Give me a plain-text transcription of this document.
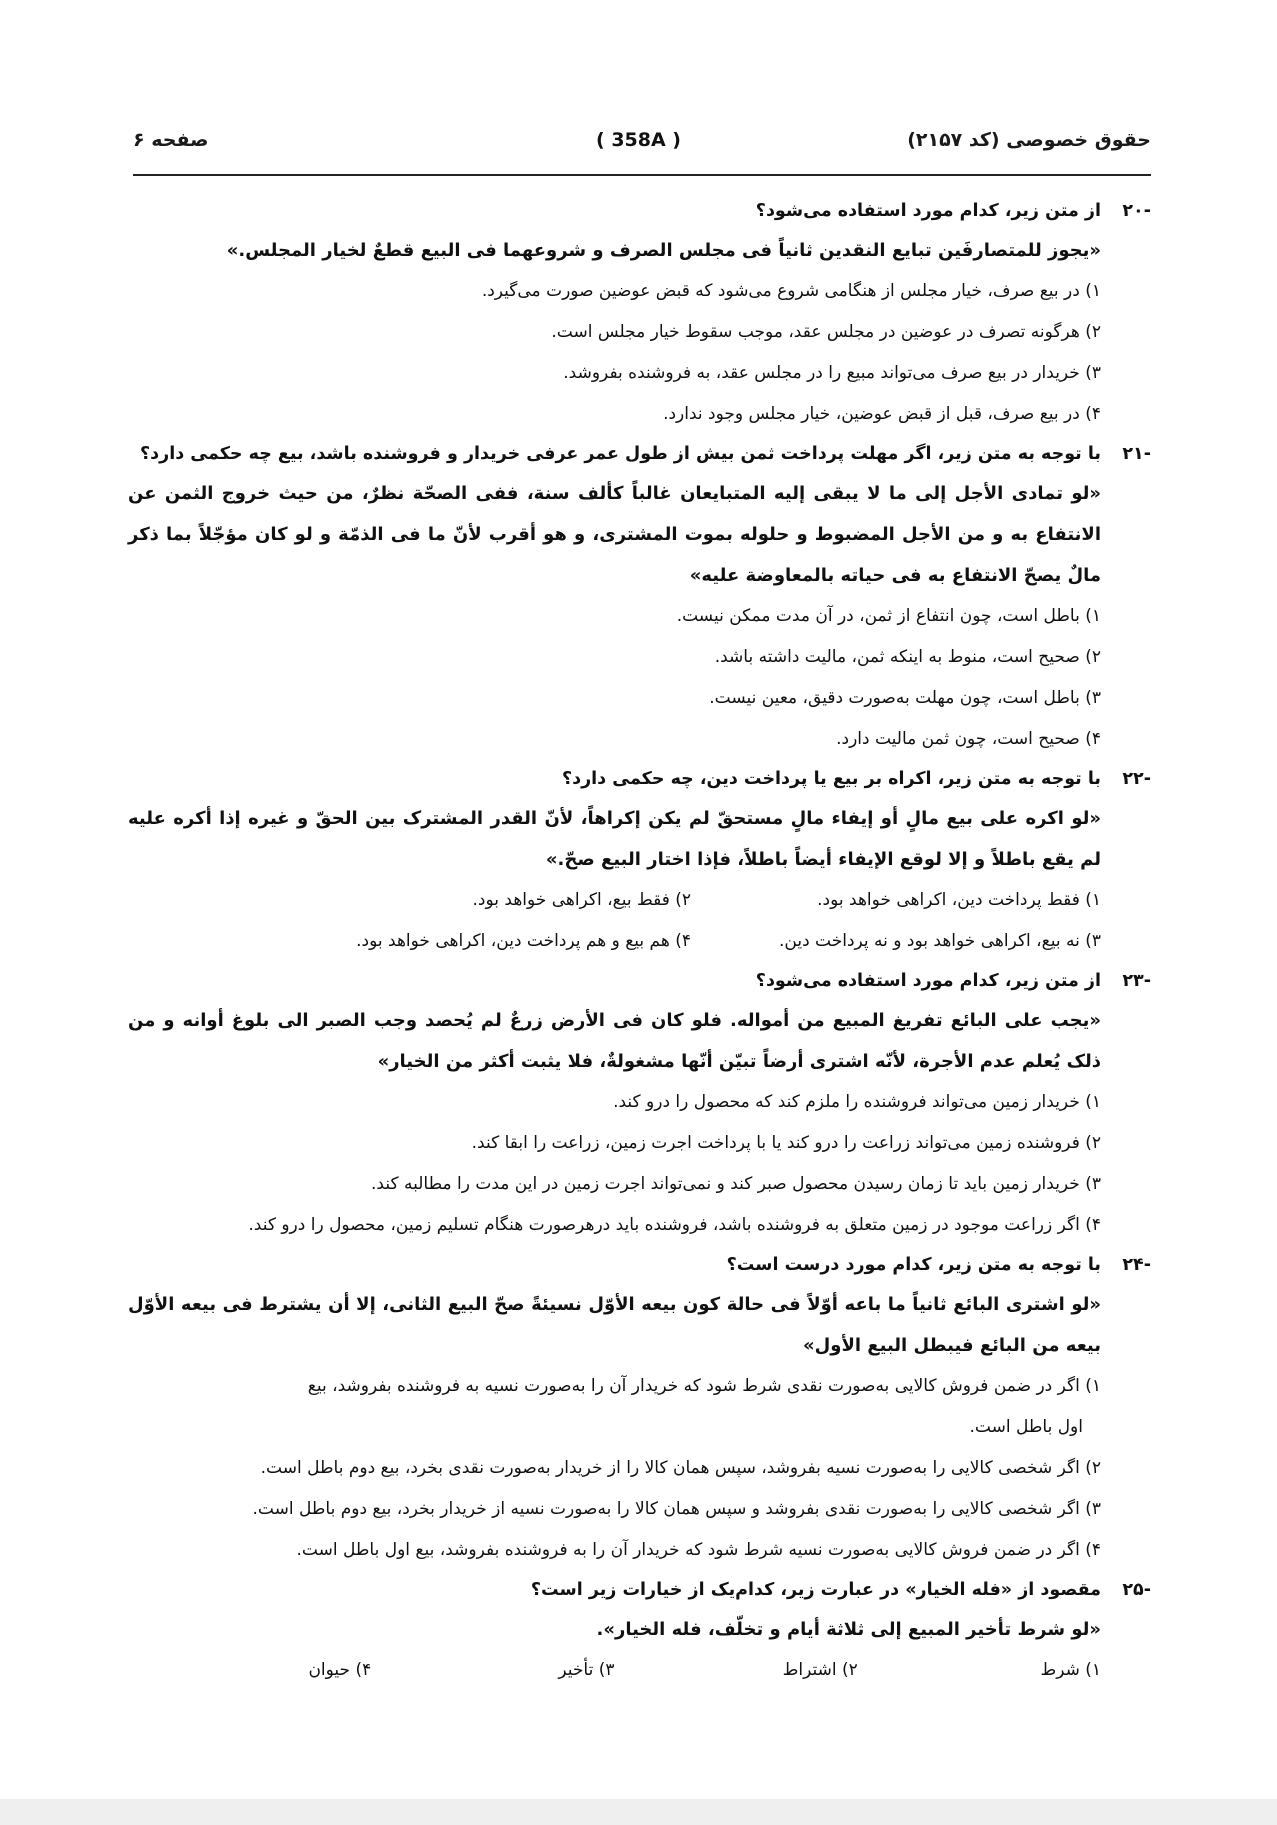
حقوق خصوصی (کد ۲۱۵۷)
صفحه ۶	( 358A )
-۲۰
از متن زیر، کدام مورد استفاده می‌شود؟
«یجوز للمتصارفَین تبایع النقدین ثانیاً فی مجلس الصرف و شروعهما فی البیع قطعٌ لخیار المجلس.»
۱) در بیع صرف، خیار مجلس از هنگامی شروع می‌شود که قبض عوضین صورت می‌گیرد.
۲) هرگونه تصرف در عوضین در مجلس عقد، موجب سقوط خیار مجلس است.
۳) خریدار در بیع صرف می‌تواند مبیع را در مجلس عقد، به فروشنده بفروشد.
۴) در بیع صرف، قبل از قبض عوضین، خیار مجلس وجود ندارد.
-۲۱
با توجه به متن زیر، اگر مهلت پرداخت ثمن بیش از طول عمر عرفی خریدار و فروشنده باشد، بیع چه حکمی دارد؟
«لو تمادی الأجل إلی ما لا یبقی إلیه المتبایعان غالباً کألف سنة، ففی الصحّة نظرٌ، من حیث خروج الثمن عن الانتفاع به و من الأجل المضبوط و حلوله بموت المشتری، و هو أقرب لأنّ ما فی الذمّة و لو کان مؤجّلاً بما ذکر مالٌ یصحّ الانتفاع به فی حیاته بالمعاوضة علیه»
۱) باطل است، چون انتفاع از ثمن، در آن مدت ممکن نیست.
۲) صحیح است، منوط به اینکه ثمن، مالیت داشته باشد.
۳) باطل است، چون مهلت به‌صورت دقیق، معین نیست.
۴) صحیح است، چون ثمن مالیت دارد.
-۲۲
با توجه به متن زیر، اکراه بر بیع یا پرداخت دین، چه حکمی دارد؟
«لو اکره علی بیع مالٍ أو إیفاء مالٍ مستحقّ لم یکن إکراهاً، لأنّ القدر المشترک بین الحقّ و غیره إذا أکره علیه لم یقع باطلاً و إلا لوقع الإیفاء أیضاً باطلاً، فإذا اختار البیع صحّ.»
۱) فقط پرداخت دین، اکراهی خواهد بود.
۲) فقط بیع، اکراهی خواهد بود.
۳) نه بیع، اکراهی خواهد بود و نه پرداخت دین.
۴) هم بیع و هم پرداخت دین، اکراهی خواهد بود.
-۲۳
از متن زیر، کدام مورد استفاده می‌شود؟
«یجب علی البائع تفریغ المبیع من أمواله. فلو کان فی الأرض زرعٌ لم یُحصد وجب الصبر الی بلوغ أوانه و من ذلک یُعلم عدم الأجرة، لأنّه اشتری أرضاً تبیّن أنّها مشغولةٌ، فلا یثبت أکثر من الخیار»
۱) خریدار زمین می‌تواند فروشنده را ملزم کند که محصول را درو کند.
۲) فروشنده زمین می‌تواند زراعت را درو کند یا با پرداخت اجرت زمین، زراعت را ابقا کند.
۳) خریدار زمین باید تا زمان رسیدن محصول صبر کند و نمی‌تواند اجرت زمین در این مدت را مطالبه کند.
۴) اگر زراعت موجود در زمین متعلق به فروشنده باشد، فروشنده باید درهرصورت هنگام تسلیم زمین، محصول را درو کند.
-۲۴
با توجه به متن زیر، کدام مورد درست است؟
«لو اشتری البائع ثانیاً ما باعه أوّلاً فی حالة کون بیعه الأوّل نسیئةً صحّ البیع الثانی، إلا أن یشترط فی بیعه الأوّل بیعه من البائع فیبطل البیع الأول»
۱) اگر در ضمن فروش کالایی به‌صورت نقدی شرط شود که خریدار آن را به‌صورت نسیه به فروشنده بفروشد، بیع
اول باطل است.
۲) اگر شخصی کالایی را به‌صورت نسیه بفروشد، سپس همان کالا را از خریدار به‌صورت نقدی بخرد، بیع دوم باطل است.
۳) اگر شخصی کالایی را به‌صورت نقدی بفروشد و سپس همان کالا را به‌صورت نسیه از خریدار بخرد، بیع دوم باطل است.
۴) اگر در ضمن فروش کالایی به‌صورت نسیه شرط شود که خریدار آن را به فروشنده بفروشد، بیع اول باطل است.
-۲۵
مقصود از «فله الخیار» در عبارت زیر، کدام‌یک از خیارات زیر است؟
«لو شرط تأخیر المبیع إلی ثلاثة أیام و تخلّف، فله الخیار».
۱) شرط
۲) اشتراط
۳) تأخیر
۴) حیوان
